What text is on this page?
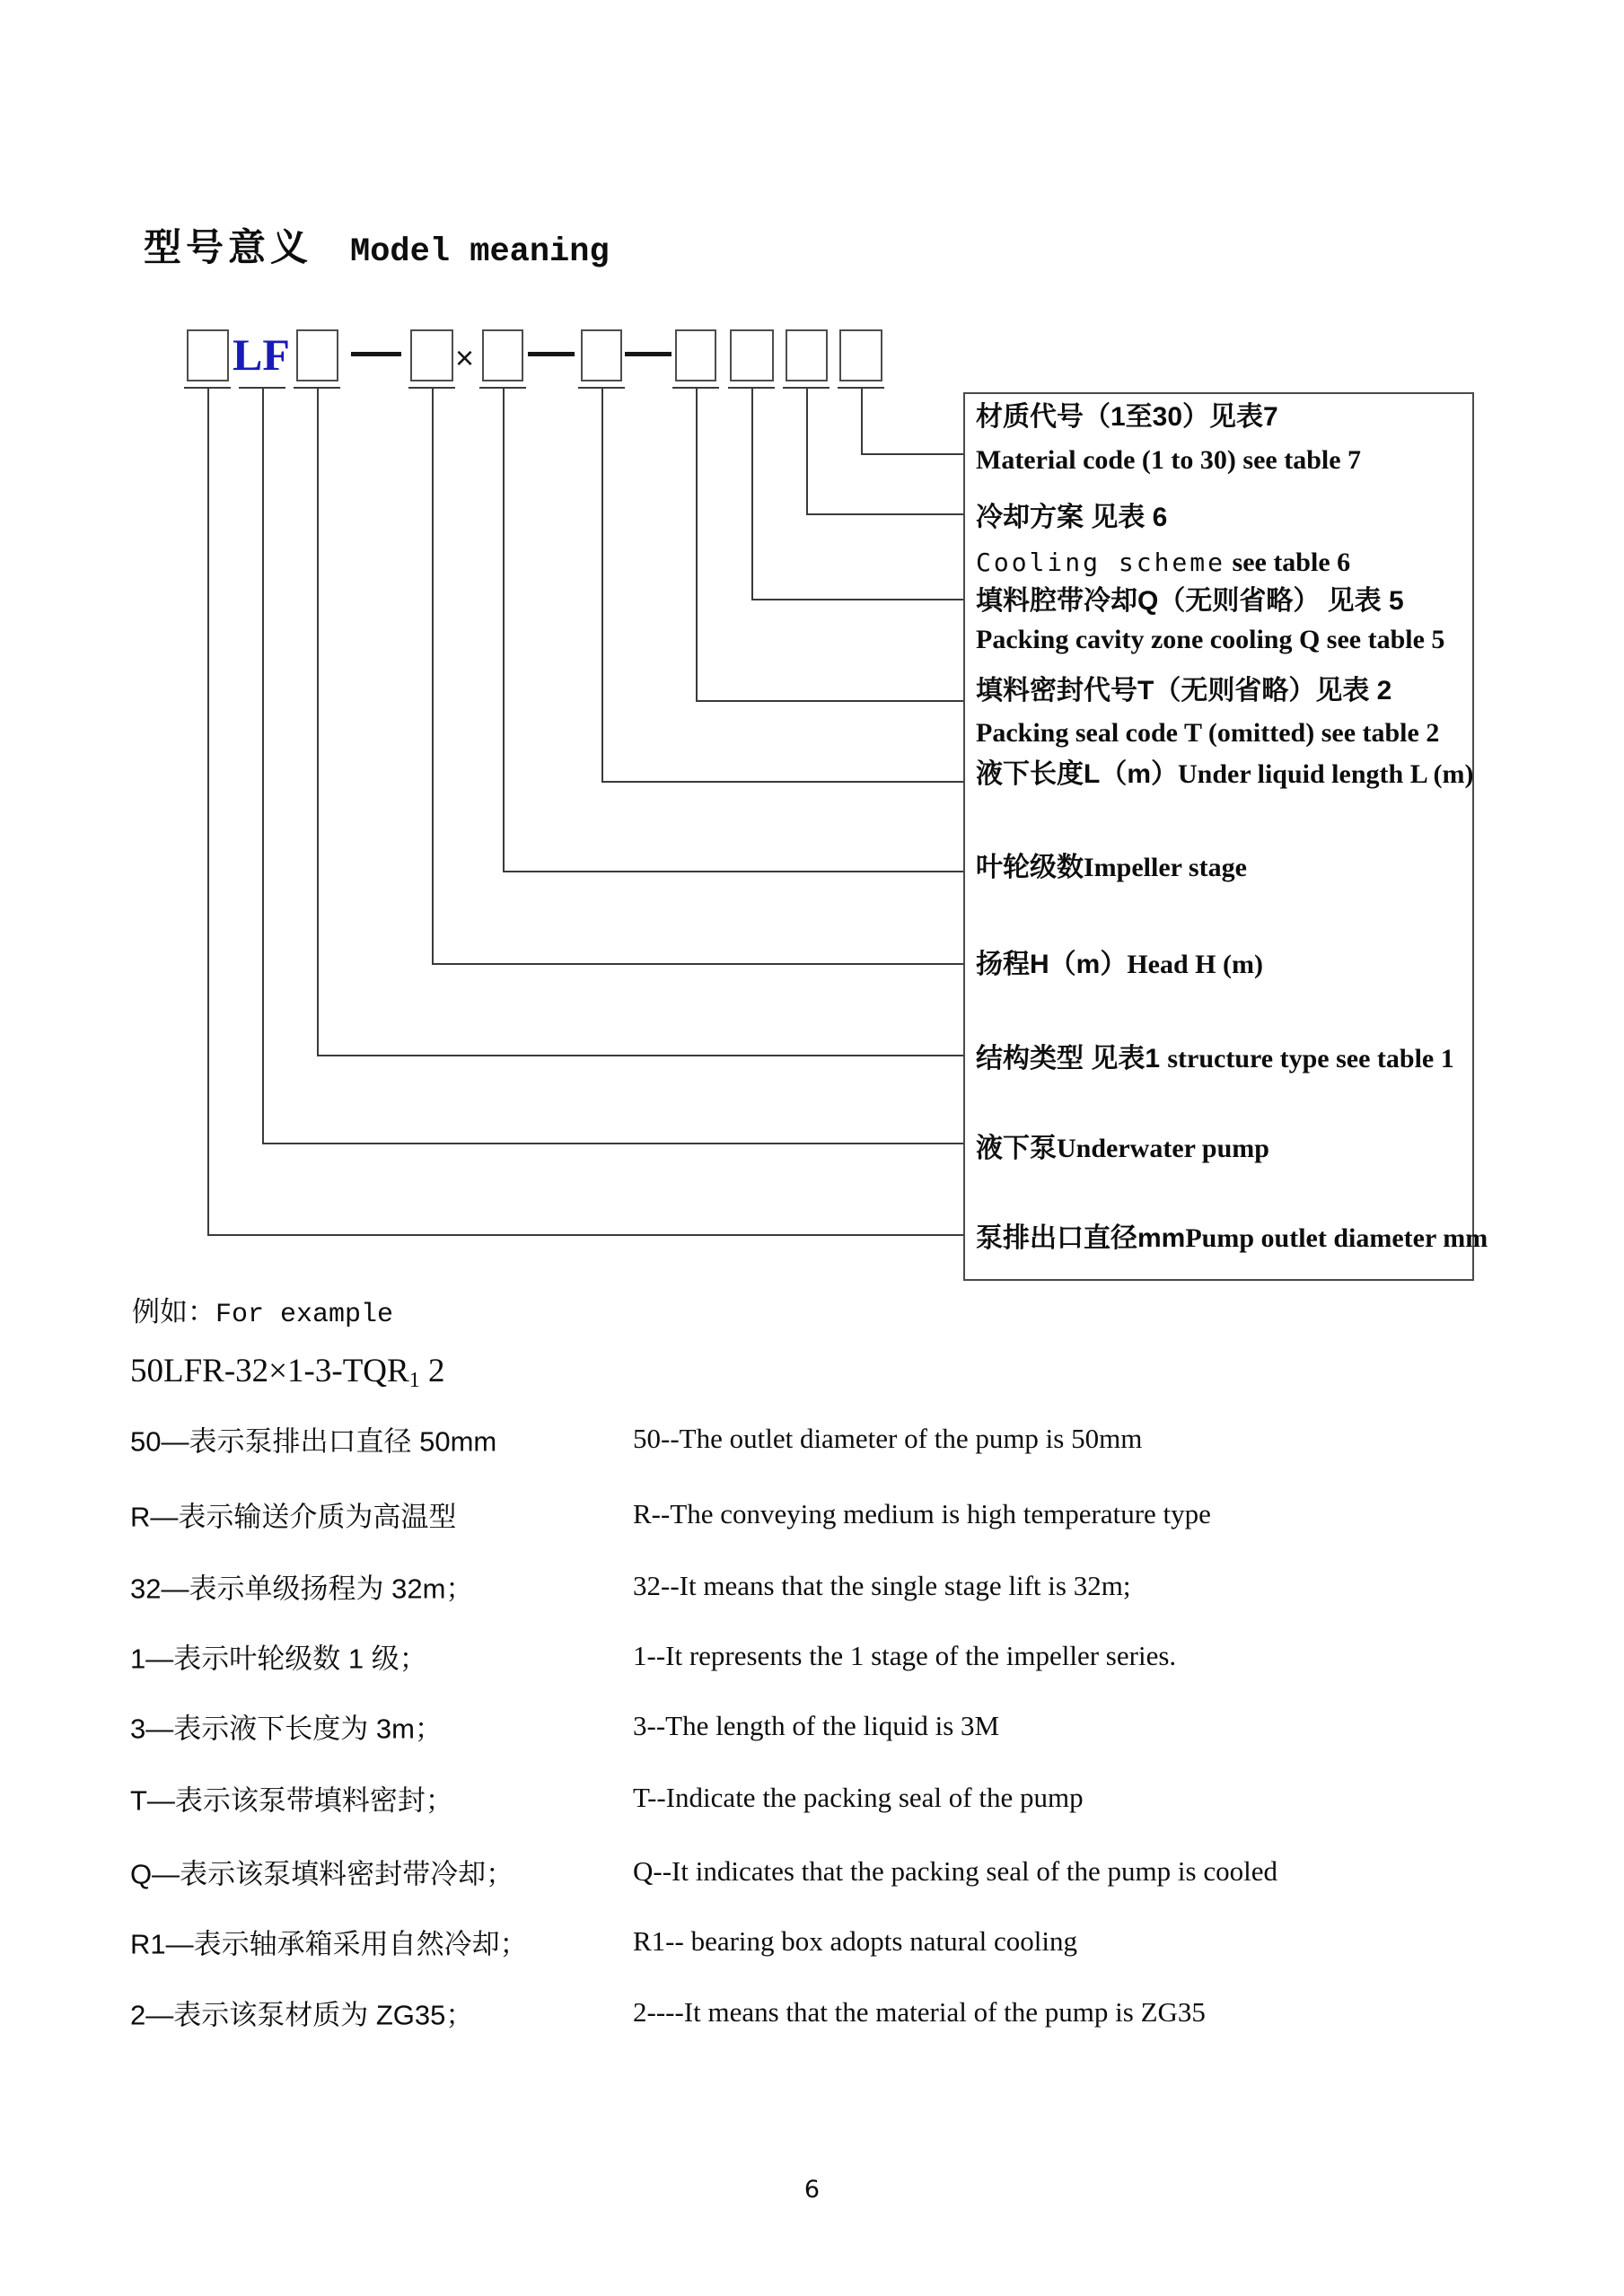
型号意义 Model meaning
LF	×
材质代号（1至30）见表7
Material code (1 to 30) see table 7
冷却方案 见表 6
Cooling scheme see table 6
填料腔带冷却Q（无则省略） 见表 5
Packing cavity zone cooling Q see table 5
填料密封代号T（无则省略）见表 2
Packing seal code T (omitted) see table 2
液下长度L（m）Under liquid length L (m)
叶轮级数Impeller stage
扬程H（m）Head H (m)
结构类型 见表1 structure type see table 1
液下泵Underwater pump
泵排出口直径mmPump outlet diameter mm
例如：For example
$50LFR-32\times 1-3-TQR_1$ 2
50—表示泵排出口直径 50mm	50--The outlet diameter of the pump is 50mm
R—表示输送介质为高温型	R--The conveying medium is high temperature type
32—表示单级扬程为 32m；	32--It means that the single stage lift is 32m;
1—表示叶轮级数 1 级；	1--It represents the 1 stage of the impeller series.
3—表示液下长度为 3m；	3--The length of the liquid is 3M
T—表示该泵带填料密封；	T--Indicate the packing seal of the pump
Q—表示该泵填料密封带冷却；	Q--It indicates that the packing seal of the pump is cooled
R1—表示轴承箱采用自然冷却；	R1-- bearing box adopts natural cooling
2—表示该泵材质为 ZG35；	2----It means that the material of the pump is ZG35
6
